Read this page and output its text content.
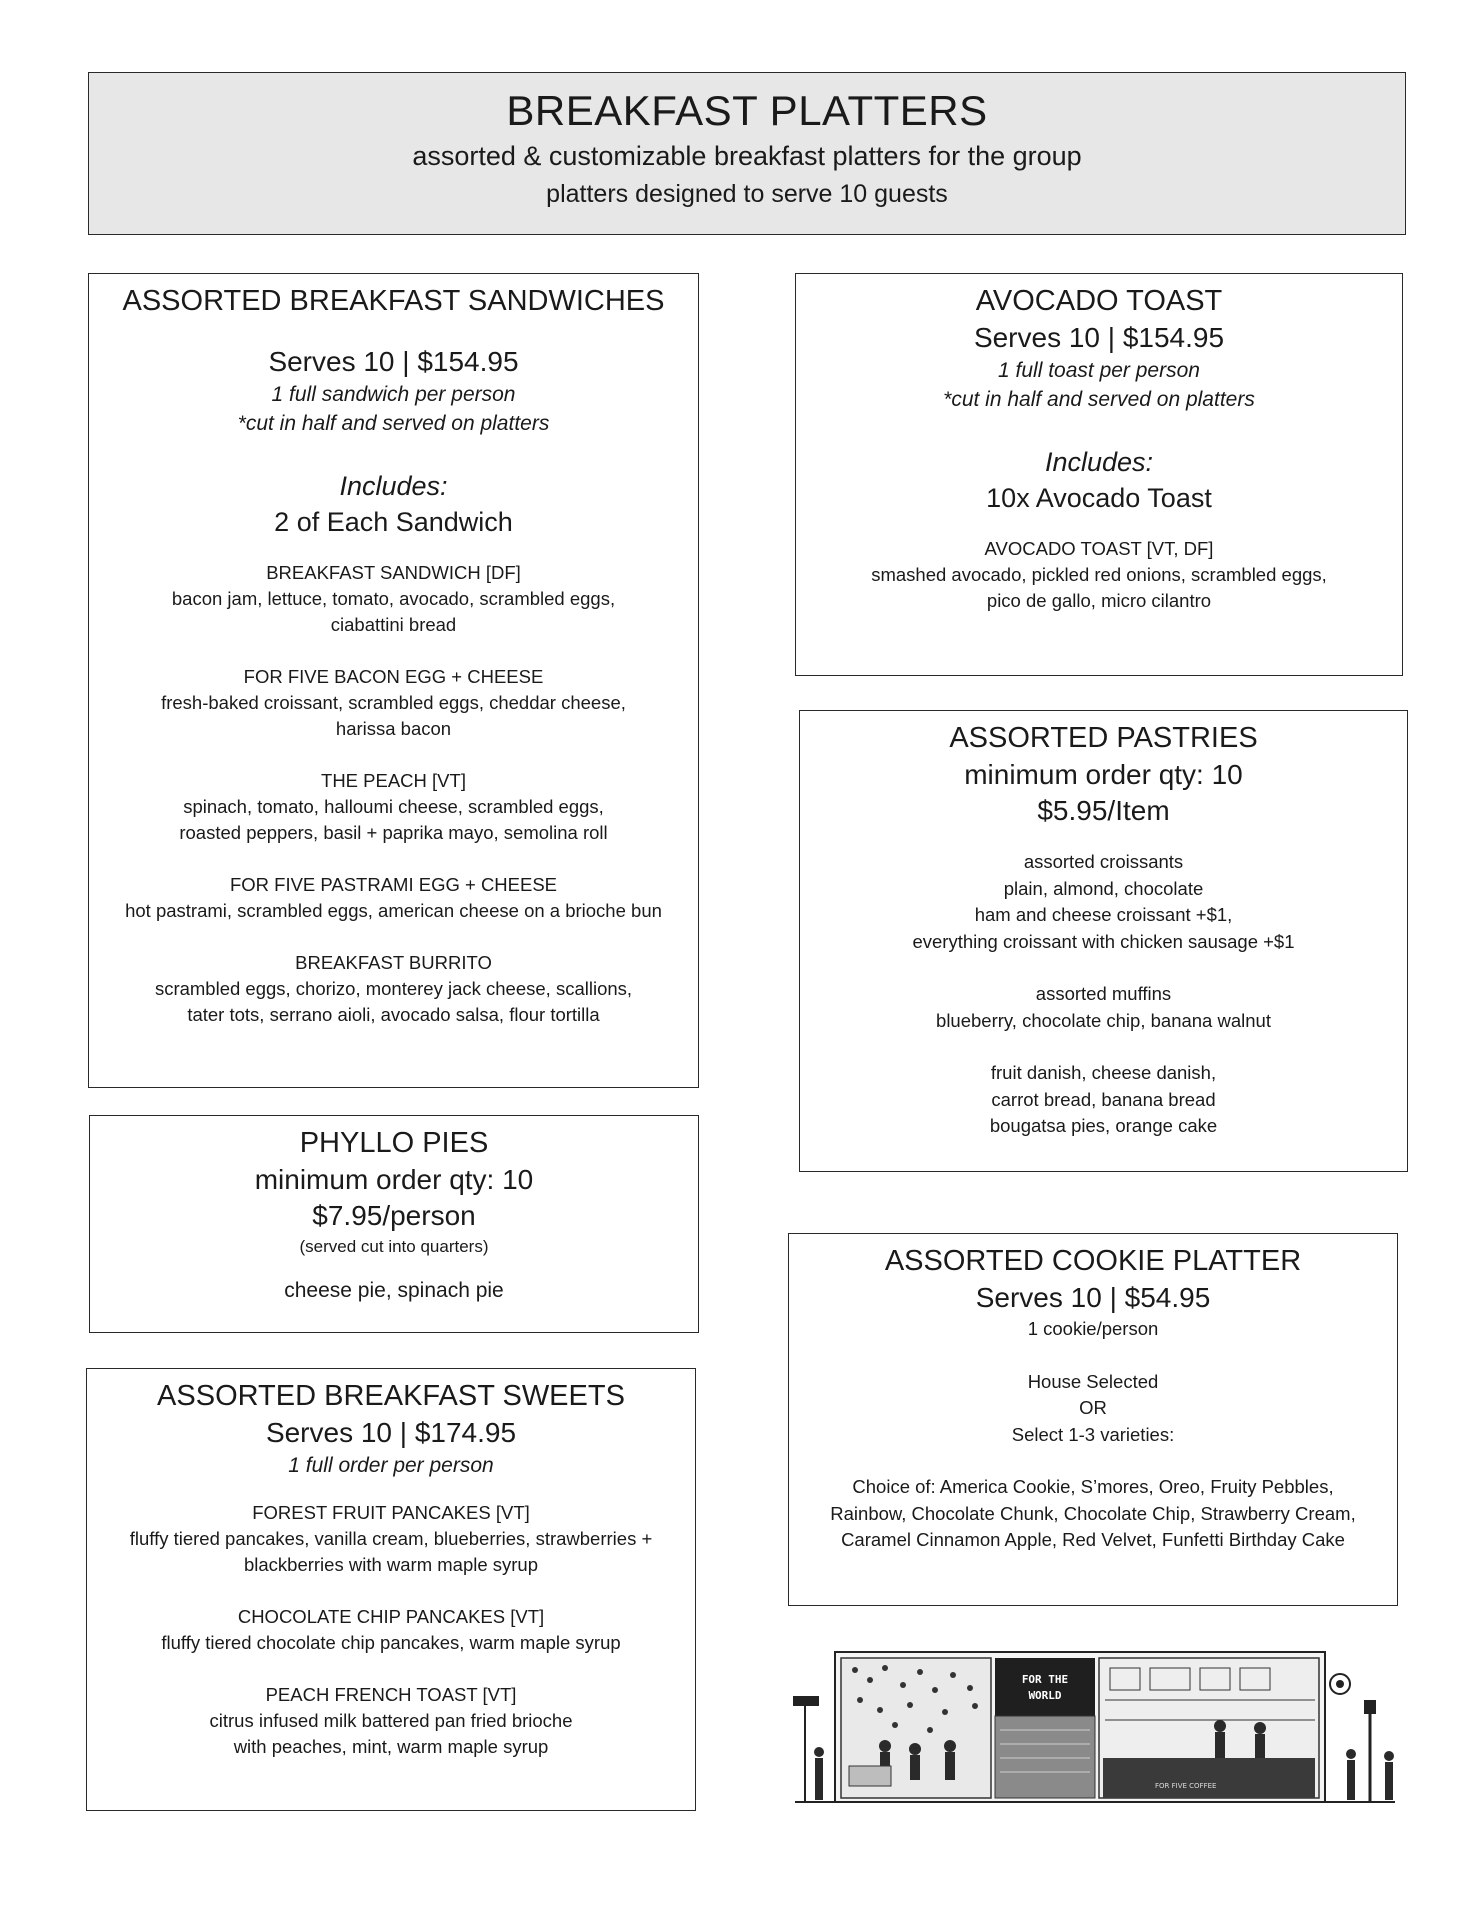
BREAKFAST PLATTERS
assorted & customizable breakfast platters for the group
platters designed to serve 10 guests
ASSORTED BREAKFAST SANDWICHES
Serves 10 | $154.95
1 full sandwich per person
*cut in half and served on platters
Includes:
2 of Each Sandwich
BREAKFAST SANDWICH [DF]
bacon jam, lettuce, tomato, avocado, scrambled eggs,
ciabattini bread
FOR FIVE BACON EGG + CHEESE
fresh-baked croissant, scrambled eggs, cheddar cheese,
harissa bacon
THE PEACH [VT]
spinach, tomato, halloumi cheese, scrambled eggs,
roasted peppers, basil + paprika mayo, semolina roll
FOR FIVE PASTRAMI EGG + CHEESE
hot pastrami, scrambled eggs, american cheese on a brioche bun
BREAKFAST BURRITO
scrambled eggs, chorizo, monterey jack cheese, scallions,
tater tots, serrano aioli, avocado salsa, flour tortilla
AVOCADO TOAST
Serves 10 | $154.95
1 full toast per person
*cut in half and served on platters
Includes:
10x Avocado Toast
AVOCADO TOAST [VT, DF]
smashed avocado, pickled red onions, scrambled eggs,
pico de gallo, micro cilantro
ASSORTED PASTRIES
minimum order qty: 10
$5.95/Item
assorted croissants
plain, almond, chocolate
ham and cheese croissant +$1,
everything croissant with chicken sausage +$1
assorted muffins
blueberry, chocolate chip, banana walnut
fruit danish, cheese danish,
carrot bread, banana bread
bougatsa pies, orange cake
PHYLLO PIES
minimum order qty: 10
$7.95/person
(served cut into quarters)
cheese pie, spinach pie
ASSORTED COOKIE PLATTER
Serves 10 | $54.95
1 cookie/person
House Selected
OR
Select 1-3 varieties:
Choice of: America Cookie, S’mores, Oreo, Fruity Pebbles,
Rainbow, Chocolate Chunk, Chocolate Chip, Strawberry Cream,
Caramel Cinnamon Apple, Red Velvet, Funfetti Birthday Cake
ASSORTED BREAKFAST SWEETS
Serves 10 | $174.95
1 full order per person
FOREST FRUIT PANCAKES [VT]
fluffy tiered pancakes, vanilla cream, blueberries, strawberries +
blackberries with warm maple syrup
CHOCOLATE CHIP PANCAKES [VT]
fluffy tiered chocolate chip pancakes, warm maple syrup
PEACH FRENCH TOAST [VT]
citrus infused milk battered pan fried brioche
with peaches, mint, warm maple syrup
FOR THE
WORLD
FOR FIVE COFFEE
